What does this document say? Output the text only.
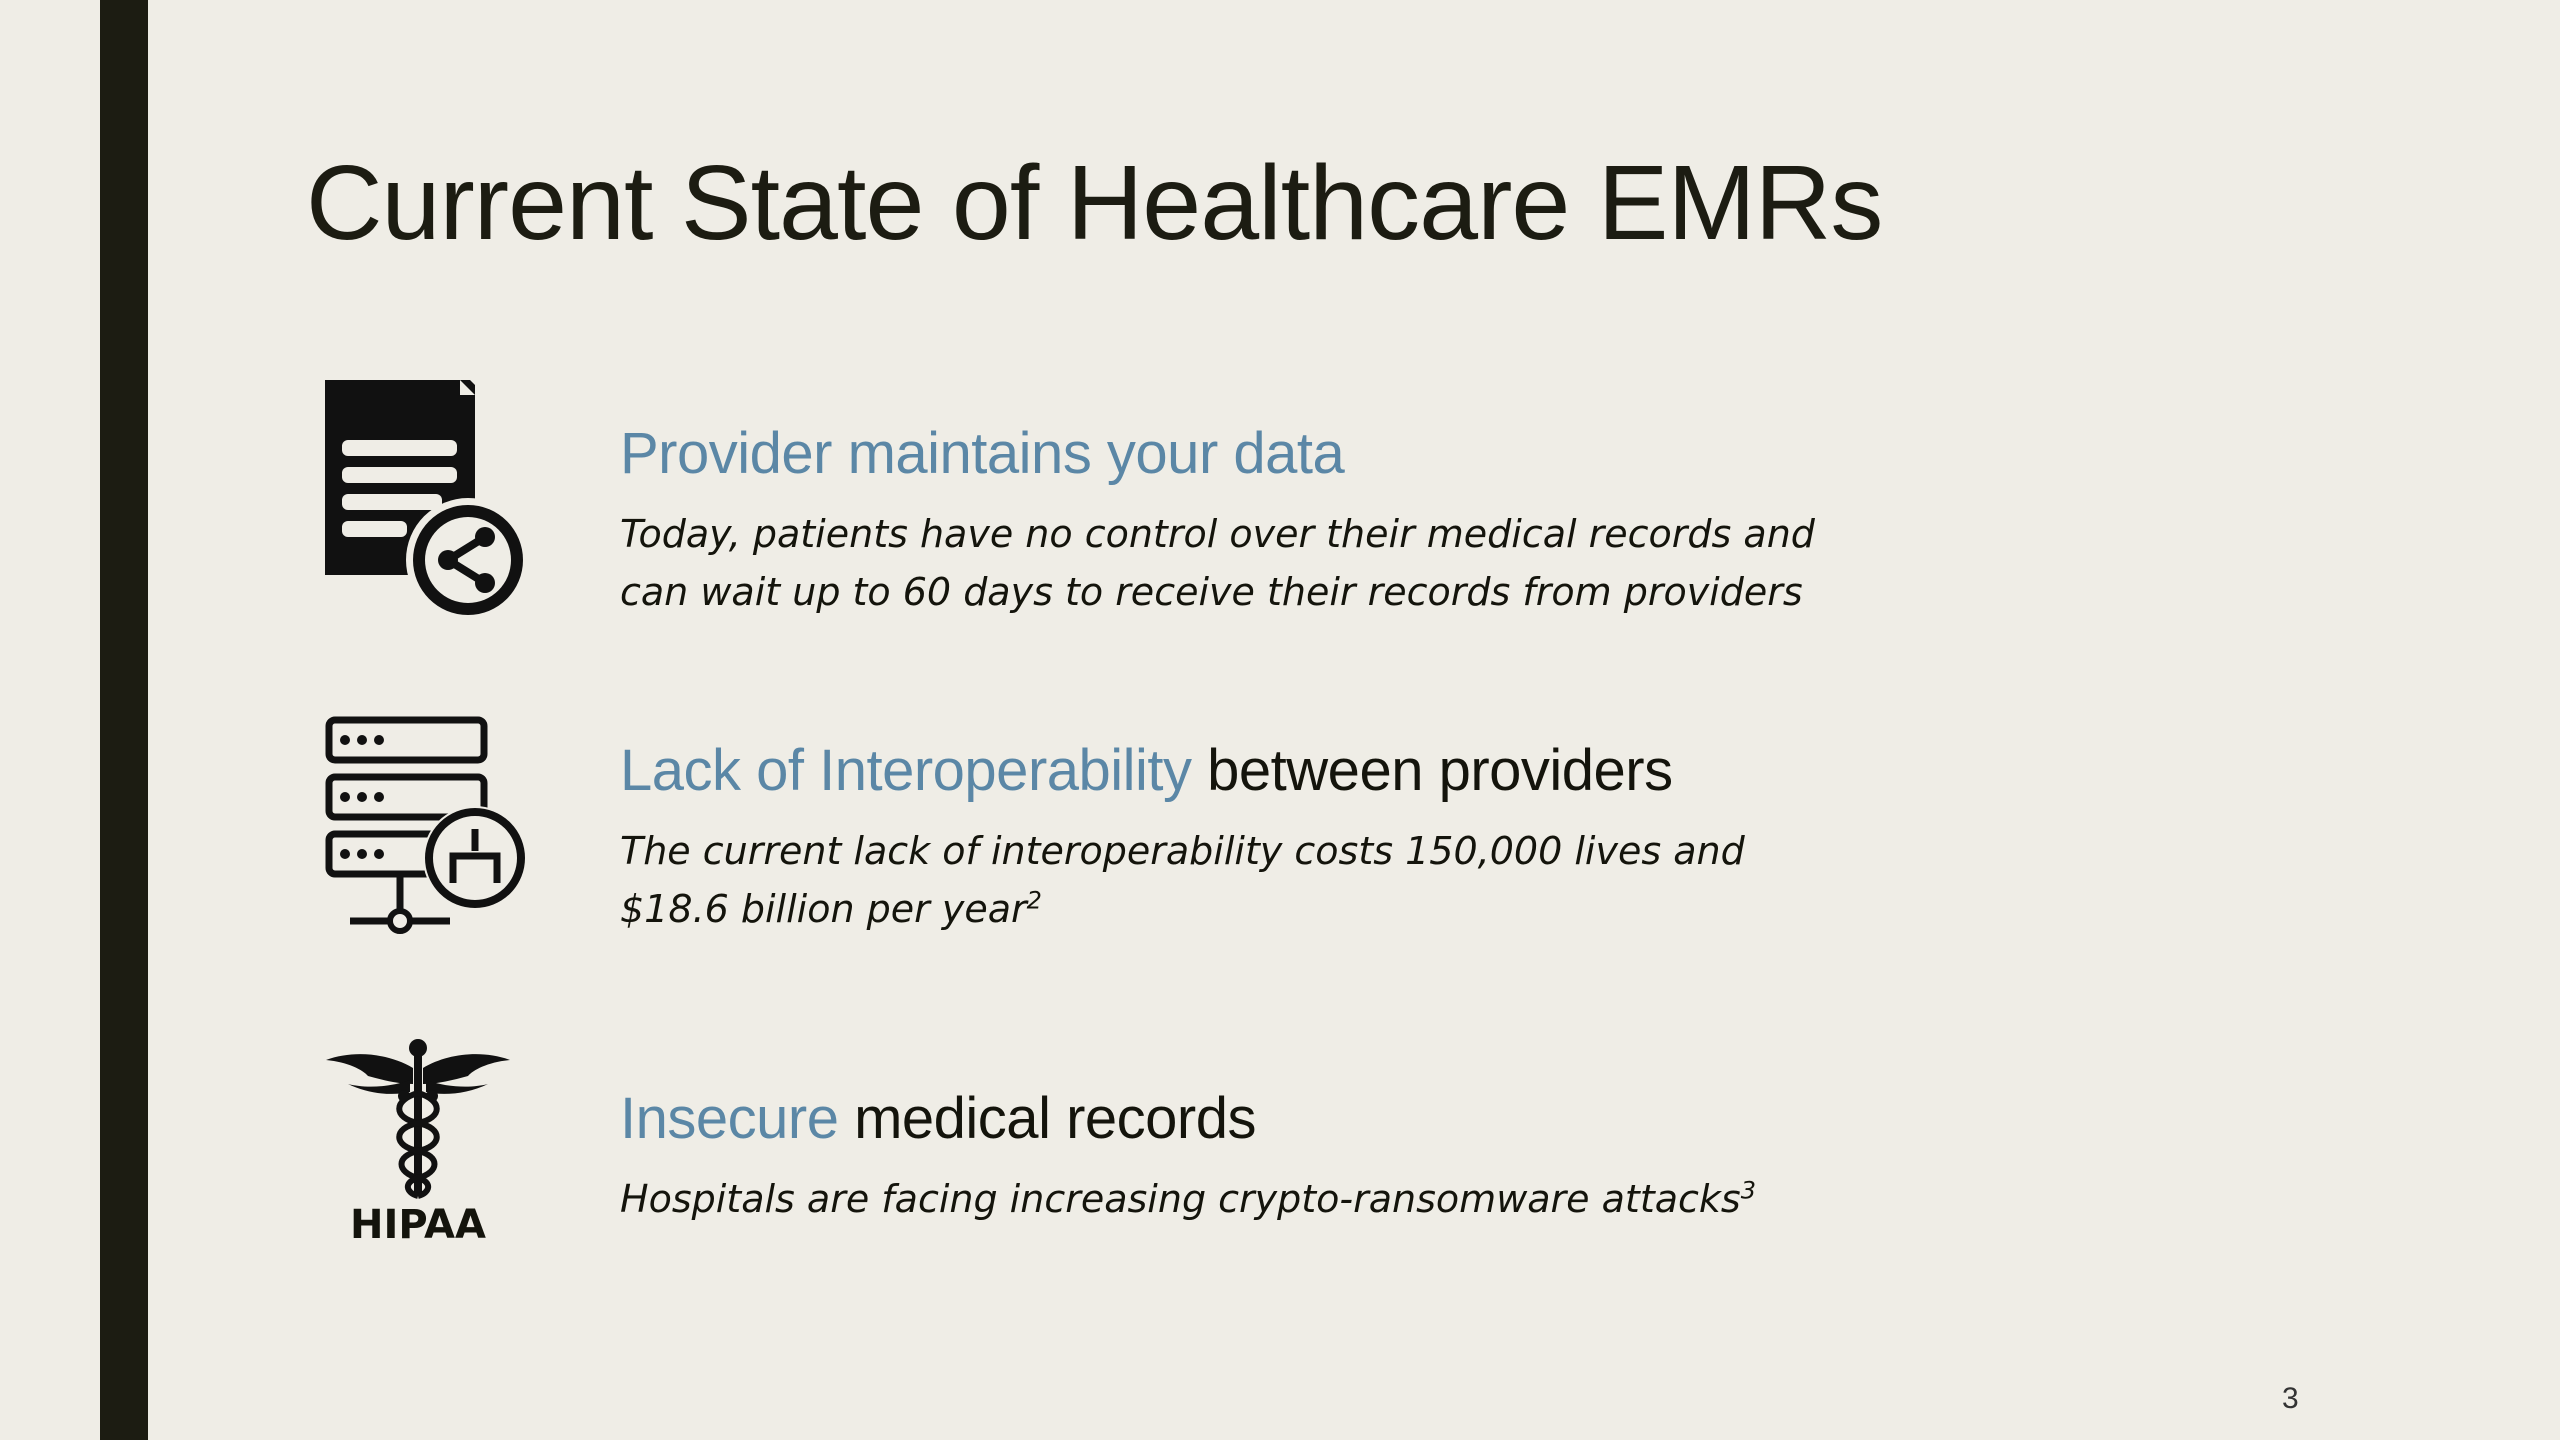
Current State of Healthcare EMRs
Provider maintains your data
Today, patients have no control over their medical records and
can wait up to 60 days to receive their records from providers
Lack of Interoperability between providers
The current lack of interoperability costs 150,000 lives and
$18.6 billion per year$^2$
HIPAA
Insecure medical records
Hospitals are facing increasing crypto-ransomware attacks$^3$
3
